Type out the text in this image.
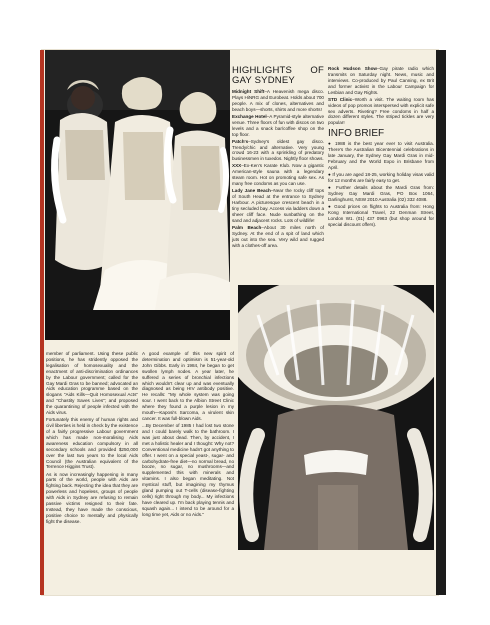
HIGHLIGHTS OF GAY SYDNEY

Midnight Shift–A Heavenish mega disco. Plays HiNRG and Eurobeat. Holds about 700 people. A mix of clones, alternatives and beach boys—shorts, shirts and more shorts!

Exchange Hotel–A Pyramid-style alternative venue. Three floors of fun with discos on two levels and a snack bar/coffee shop on the top floor.

Patch's–Sydney's oldest gay disco. Trendy/chic and alternative. Very young crowd 16-23 with a sprinkling of predatory businessmen in tuxedos. Nightly floor shows.

XXX–Ex-Ken's Karate Klub. Now a gigantic American-style sauna with a legendary steam room. Hot on promoting safe sex. As many free condoms as you can use.

Lady Jane Beach–Near the rocky cliff tops of South Head at the entrance to Sydney Harbour. A picturesque crescent beach in a tiny secluded bay. Access via ladders down a sheer cliff face. Nude sunbathing on the sand and adjacent rocks. Lots of wildlife!

Palm Beach–About 30 miles north of Sydney. At the end of a spit of land which juts out into the sea. Very wild and rugged with a clothes-off area.

Rock Hudson Show–Gay pirate radio which transmits on Saturday night. News, music and interviews. Co-produced by Paul Canning, ex Brit and former activist in the Labour Campaign for Lesbian and Gay Rights.

STD Clinic–Worth a visit. The waiting room has videos of pop promos interspersed with explicit safe sex adverts. Riveting? Free condoms in half a dozen different styles. The striped tickles are very popular!

INFO BRIEF

● 1988 is the best year ever to visit Australia. There's the Australian Bicentennial celebrations in late January, the Sydney Gay Mardi Gras in mid-February and the World Expo in Brisbane from April.

● If you are aged 18-25, working holiday visas valid for 12 months are fairly easy to get.

● Further details about the Mardi Gras from: Sydney Gay Mardi Gras, PO Box 1064, Darlinghurst, NSW 2010 Australia (02) 332 4088.

● Good prices on flights to Australia from: Hong Kong International Travel, 22 Denman Street, London W1. (01) 437 0963 (but shop around for special discount offers).

member of parliament. Using these public positions, he has stridently opposed the legalisation of homosexuality and the enactment of anti-discrimination ordinances by the Labour government; called for the Gay Mardi Gras to be banned; advocated an Aids education programme based on the slogans "Aids Kills—Quit Homosexual Acts" and "Chastity Saves Lives"; and proposed the quarantining of people infected with the Aids virus.

Fortunately this enemy of human rights and civil liberties is held in check by the existence of a fairly progressive Labour government which has made non-moralising Aids awareness education compulsory in all secondary schools and provided $250,000 over the last two years to the local Aids Council (the Australian equivalent of the Terrence Higgins Trust).

As is now increasingly happening in many parts of the world, people with Aids are fighting back. Rejecting the idea that they are powerless and hopeless, groups of people with Aids in Sydney are refusing to remain passive victims resigned to their fate. Instead, they have made the conscious, positive choice to mentally and physically fight the disease.

A good example of this new spirit of determination and optimism is 51-year-old John Gibbs. Early in 1984, he began to get swollen lymph nodes. A year later, he suffered a series of bronchial infections which wouldn't clear up and was eventually diagnosed as being HIV antibody positive. He recalls: "My whole system was going sour. I went back to the Albion Street Clinic where they found a purple lesion in my mouth—Kaposi's Sarcoma, a virulent skin cancer. It was full-blown Aids.

...By December of 1985 I had lost two stone and I could barely walk to the bathroom. I was just about dead. Then, by accident, I met a holistic healer and I thought: Why not? Conventional medicine hadn't got anything to offer. I went on a special yeast-, sugar- and carbohydrate-free diet—no normal bread, no booze, no sugar, no mushrooms—and supplemented this with minerals and vitamins. I also began meditating. Not mystical stuff, but imagining my thymus gland pumping out T-cells (disease-fighting cells) right through my body... My infections have cleared up. I'm back playing tennis and squash again... I intend to be around for a long time yet, Aids or no Aids."
